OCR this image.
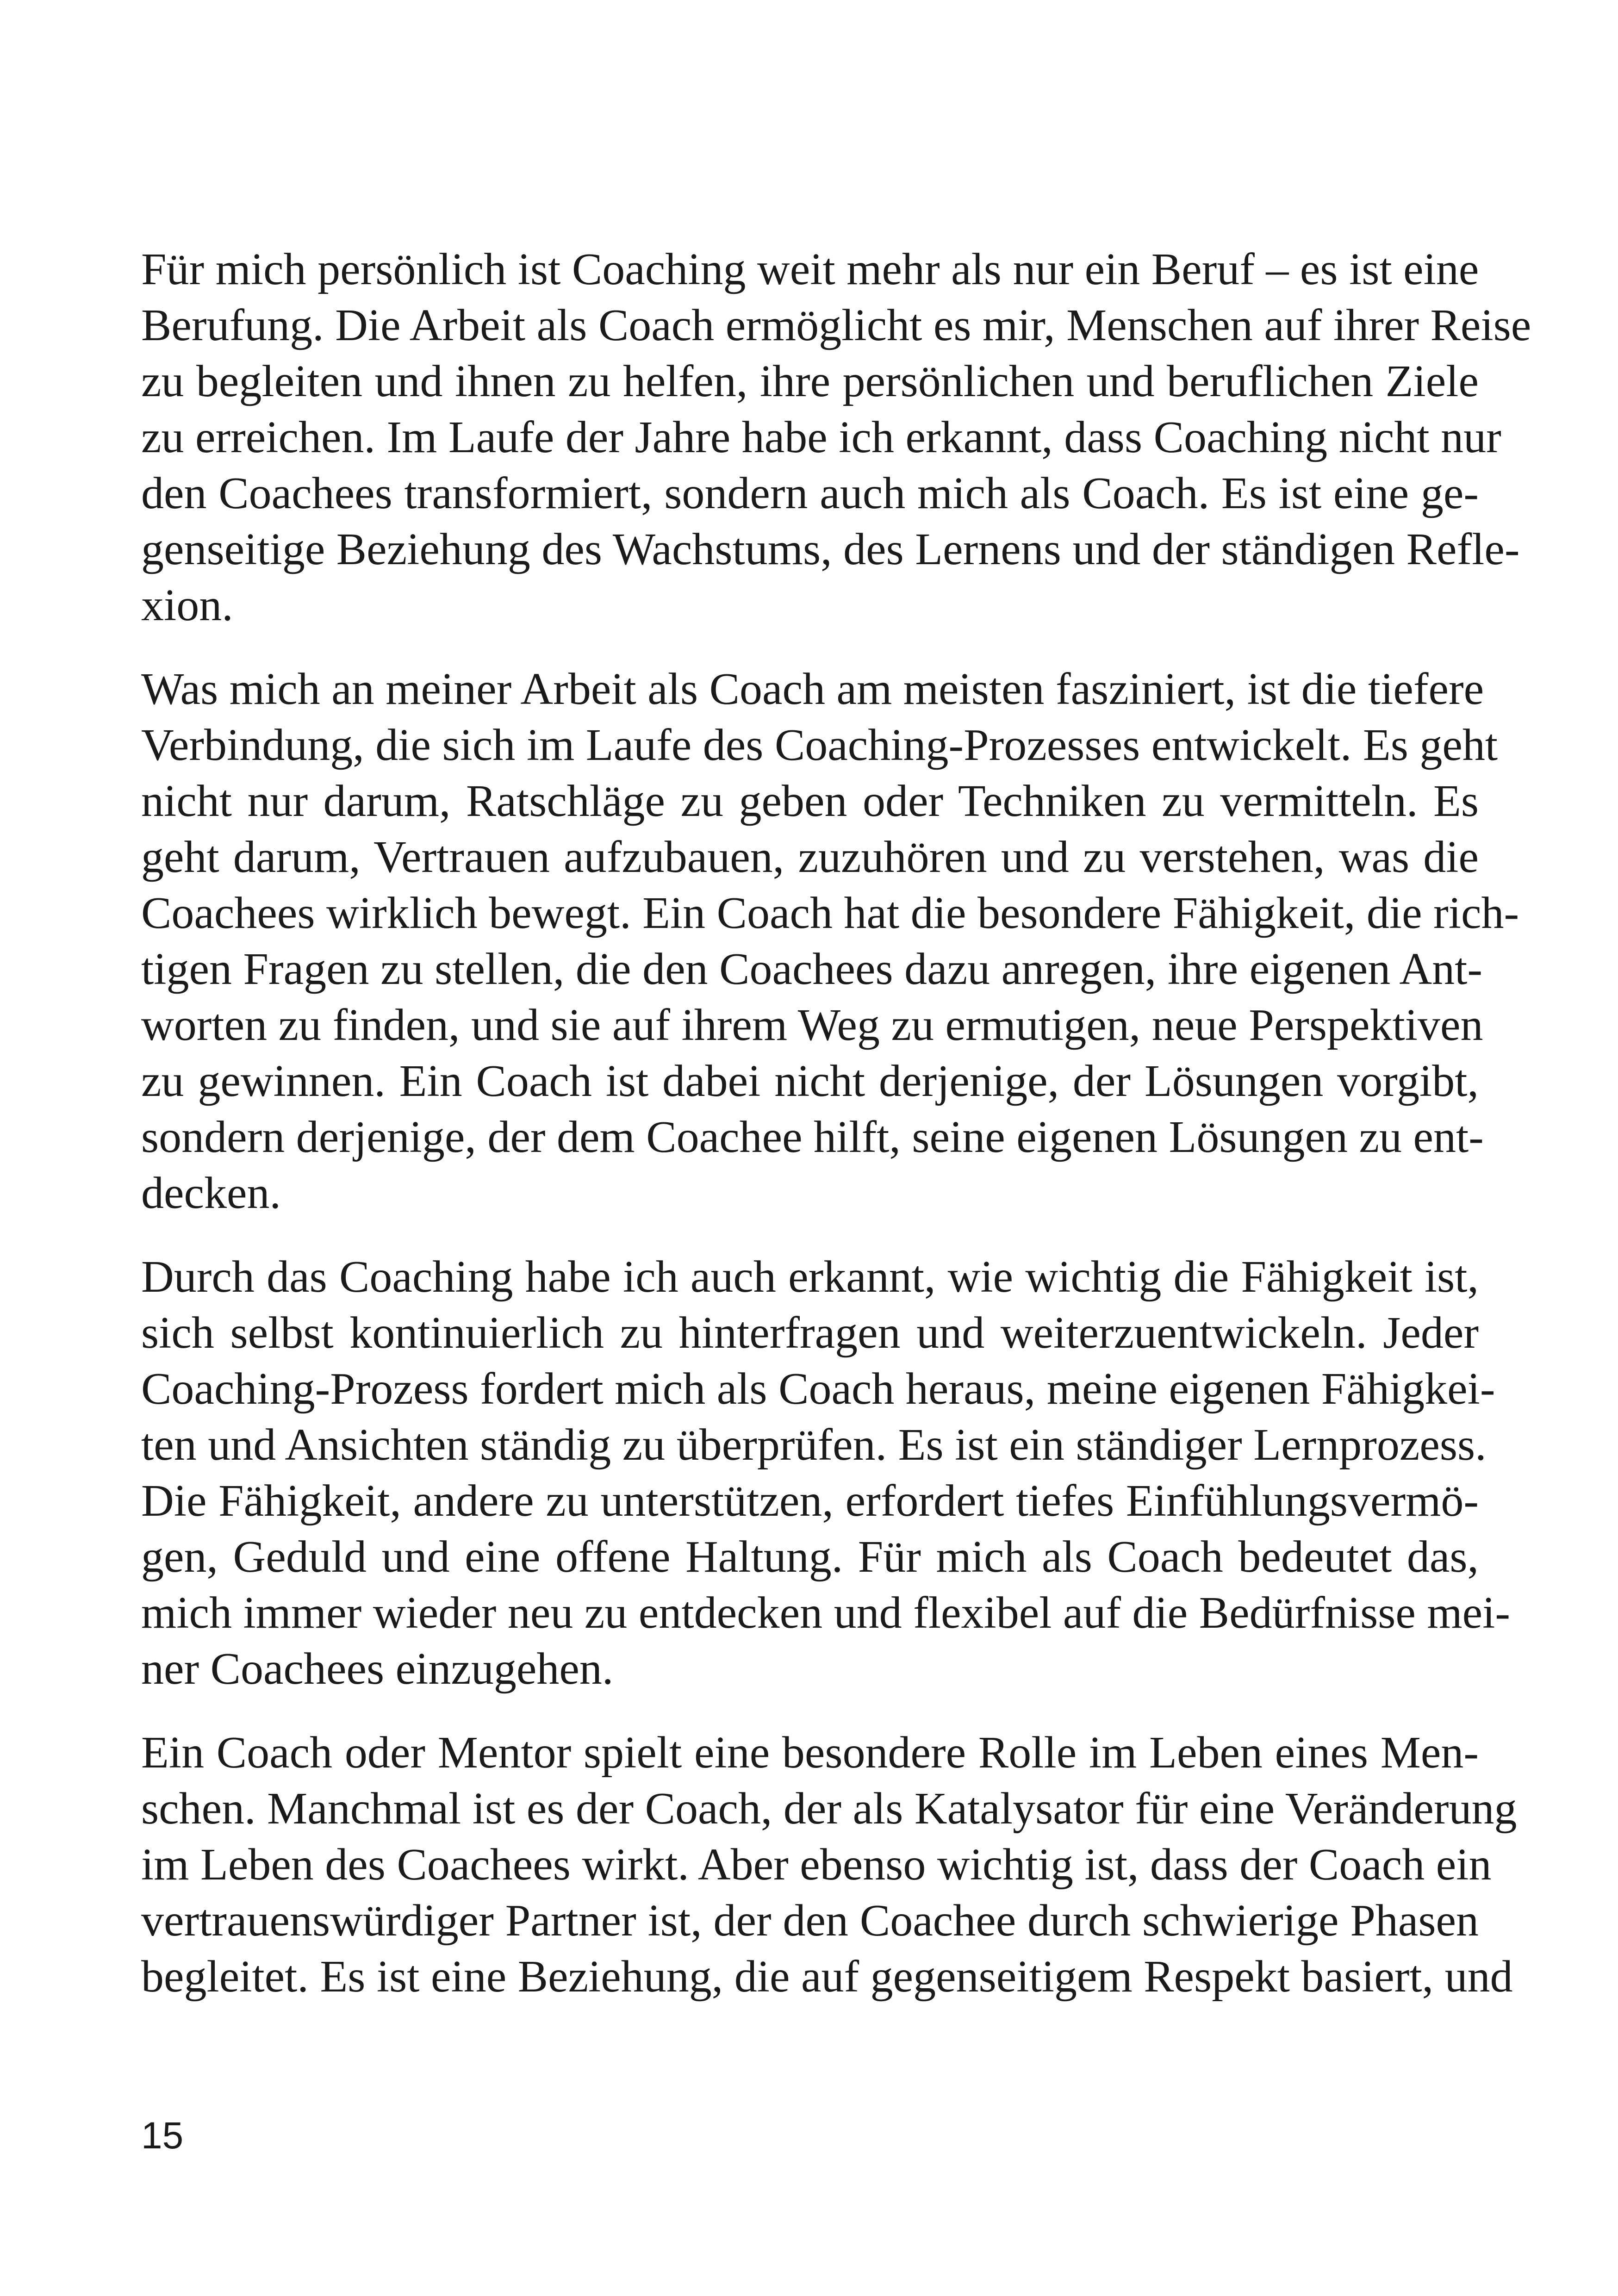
Für mich persönlich ist Coaching weit mehr als nur ein Beruf – es ist eine
Berufung. Die Arbeit als Coach ermöglicht es mir, Menschen auf ihrer Reise
zu begleiten und ihnen zu helfen, ihre persönlichen und beruflichen Ziele
zu erreichen. Im Laufe der Jahre habe ich erkannt, dass Coaching nicht nur
den Coachees transformiert, sondern auch mich als Coach. Es ist eine ge-
genseitige Beziehung des Wachstums, des Lernens und der ständigen Refle-
xion.

Was mich an meiner Arbeit als Coach am meisten fasziniert, ist die tiefere
Verbindung, die sich im Laufe des Coaching-Prozesses entwickelt. Es geht
nicht nur darum, Ratschläge zu geben oder Techniken zu vermitteln. Es
geht darum, Vertrauen aufzubauen, zuzuhören und zu verstehen, was die
Coachees wirklich bewegt. Ein Coach hat die besondere Fähigkeit, die rich-
tigen Fragen zu stellen, die den Coachees dazu anregen, ihre eigenen Ant-
worten zu finden, und sie auf ihrem Weg zu ermutigen, neue Perspektiven
zu gewinnen. Ein Coach ist dabei nicht derjenige, der Lösungen vorgibt,
sondern derjenige, der dem Coachee hilft, seine eigenen Lösungen zu ent-
decken.

Durch das Coaching habe ich auch erkannt, wie wichtig die Fähigkeit ist,
sich selbst kontinuierlich zu hinterfragen und weiterzuentwickeln. Jeder
Coaching-Prozess fordert mich als Coach heraus, meine eigenen Fähigkei-
ten und Ansichten ständig zu überprüfen. Es ist ein ständiger Lernprozess.
Die Fähigkeit, andere zu unterstützen, erfordert tiefes Einfühlungsvermö-
gen, Geduld und eine offene Haltung. Für mich als Coach bedeutet das,
mich immer wieder neu zu entdecken und flexibel auf die Bedürfnisse mei-
ner Coachees einzugehen.

Ein Coach oder Mentor spielt eine besondere Rolle im Leben eines Men-
schen. Manchmal ist es der Coach, der als Katalysator für eine Veränderung
im Leben des Coachees wirkt. Aber ebenso wichtig ist, dass der Coach ein
vertrauenswürdiger Partner ist, der den Coachee durch schwierige Phasen
begleitet. Es ist eine Beziehung, die auf gegenseitigem Respekt basiert, und

15
